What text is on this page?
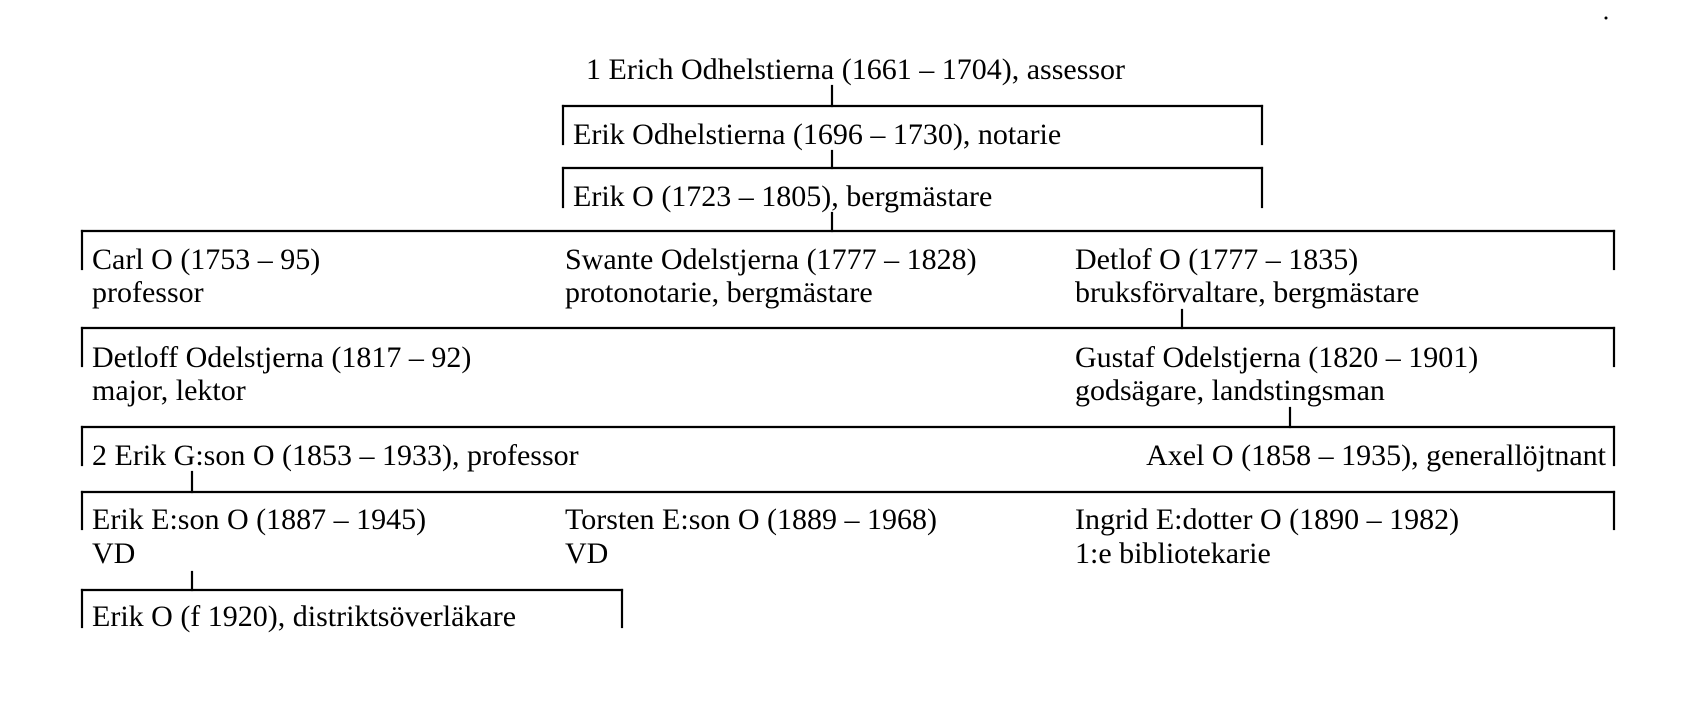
1 Erich Odhelstierna (1661 – 1704), assessor
Erik Odhelstierna (1696 – 1730), notarie
Erik O (1723 – 1805), bergmästare
Carl O (1753 – 95)
professor
Swante Odelstjerna (1777 – 1828)
protonotarie, bergmästare
Detlof O (1777 – 1835)
bruksförvaltare, bergmästare
Detloff Odelstjerna (1817 – 92)
major, lektor
Gustaf Odelstjerna (1820 – 1901)
godsägare, landstingsman
2 Erik G:son O (1853 – 1933), professor	Axel O (1858 – 1935), generallöjtnant
Erik E:son O (1887 – 1945)
VD
Torsten E:son O (1889 – 1968)
VD
Ingrid E:dotter O (1890 – 1982)
1:e bibliotekarie
Erik O (f 1920), distriktsöverläkare
